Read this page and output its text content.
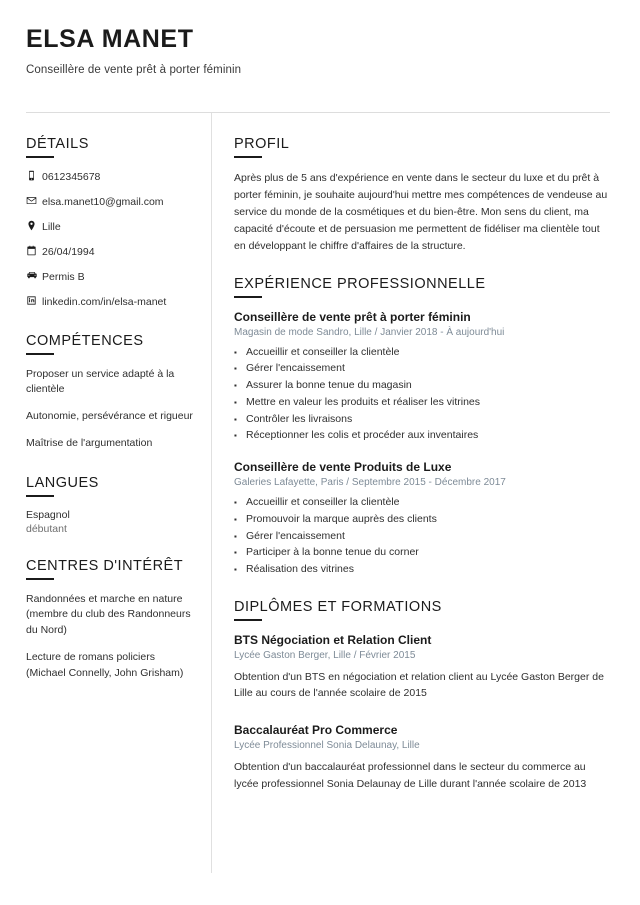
ELSA MANET

Conseillère de vente prêt à porter féminin

DÉTAILS
0612345678
elsa.manet10@gmail.com
Lille
26/04/1994
Permis B
linkedin.com/in/elsa-manet
COMPÉTENCES
Proposer un service adapté à la clientèle
Autonomie, persévérance et rigueur
Maîtrise de l'argumentation
LANGUES
Espagnol
débutant
CENTRES D'INTÉRÊT
Randonnées et marche en nature (membre du club des Randonneurs du Nord)
Lecture de romans policiers (Michael Connelly, John Grisham)
PROFIL

Après plus de 5 ans d'expérience en vente dans le secteur du luxe et du prêt à porter féminin, je souhaite aujourd'hui mettre mes compétences de vendeuse au service du monde de la cosmétiques et du bien-être. Mon sens du client, ma capacité d'écoute et de persuasion me permettent de fidéliser ma clientèle tout en développant le chiffre d'affaires de la structure.

EXPÉRIENCE PROFESSIONNELLE
Conseillère de vente prêt à porter féminin
Magasin de mode Sandro, Lille / Janvier 2018 - À aujourd'hui
▪ Accueillir et conseiller la clientèle
▪ Gérer l'encaissement
▪ Assurer la bonne tenue du magasin
▪ Mettre en valeur les produits et réaliser les vitrines
▪ Contrôler les livraisons
▪ Réceptionner les colis et procéder aux inventaires
Conseillère de vente Produits de Luxe
Galeries Lafayette, Paris / Septembre 2015 - Décembre 2017
▪ Accueillir et conseiller la clientèle
▪ Promouvoir la marque auprès des clients
▪ Gérer l'encaissement
▪ Participer à la bonne tenue du corner
▪ Réalisation des vitrines
DIPLÔMES ET FORMATIONS
BTS Négociation et Relation Client
Lycée Gaston Berger, Lille / Février 2015

Obtention d'un BTS en négociation et relation client au Lycée Gaston Berger de Lille au cours de l'année scolaire de 2015

Baccalauréat Pro Commerce
Lycée Professionnel Sonia Delaunay, Lille

Obtention d'un baccalauréat professionnel dans le secteur du commerce au lycée professionnel Sonia Delaunay de Lille durant l'année scolaire de 2013
